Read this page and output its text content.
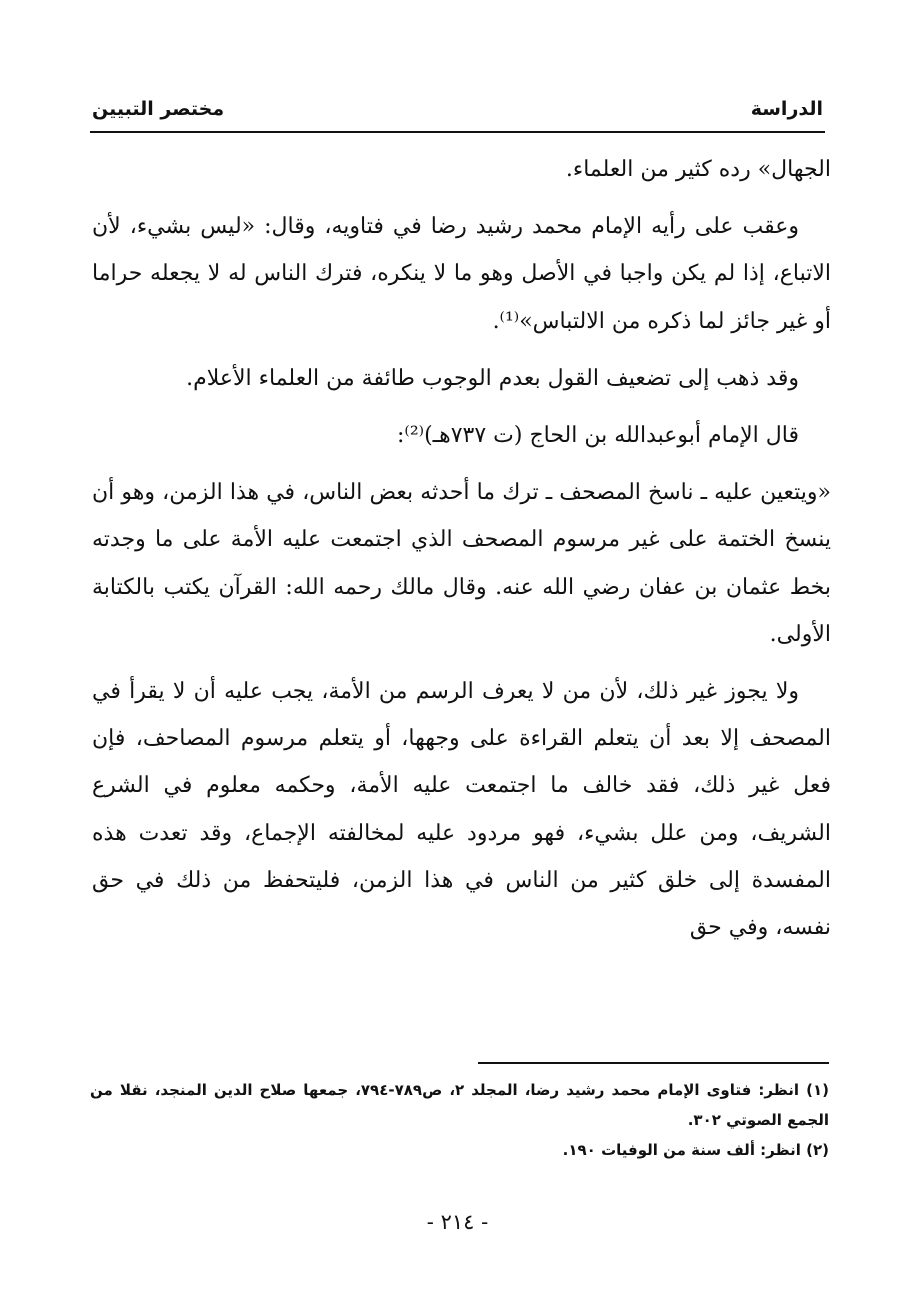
الدراسة
مختصر التبيين

الجهال» رده كثير من العلماء.

وعقب على رأيه الإمام محمد رشيد رضا في فتاويه، وقال: «ليس بشيء، لأن الاتباع، إذا لم يكن واجبا في الأصل وهو ما لا ينكره، فترك الناس له لا يجعله حراما أو غير جائز لما ذكره من الالتباس»⁽¹⁾.

وقد ذهب إلى تضعيف القول بعدم الوجوب طائفة من العلماء الأعلام.

قال الإمام أبوعبدالله بن الحاج (ت ٧٣٧هـ)⁽²⁾:

«ويتعين عليه ـ ناسخ المصحف ـ ترك ما أحدثه بعض الناس، في هذا الزمن، وهو أن ينسخ الختمة على غير مرسوم المصحف الذي اجتمعت عليه الأمة على ما وجدته بخط عثمان بن عفان رضي الله عنه. وقال مالك رحمه الله: القرآن يكتب بالكتابة الأولى.

ولا يجوز غير ذلك، لأن من لا يعرف الرسم من الأمة، يجب عليه أن لا يقرأ في المصحف إلا بعد أن يتعلم القراءة على وجهها، أو يتعلم مرسوم المصاحف، فإن فعل غير ذلك، فقد خالف ما اجتمعت عليه الأمة، وحكمه معلوم في الشرع الشريف، ومن علل بشيء، فهو مردود عليه لمخالفته الإجماع، وقد تعدت هذه المفسدة إلى خلق كثير من الناس في هذا الزمن، فليتحفظ من ذلك في حق نفسه، وفي حق

(١) انظر: فتاوى الإمام محمد رشيد رضا، المجلد ٢، ص٧٨٩-٧٩٤، جمعها صلاح الدين المنجد، نقلا من الجمع الصوتي ٣٠٢.

(٢) انظر: ألف سنة من الوفيات ١٩٠.

- ٢١٤ -
